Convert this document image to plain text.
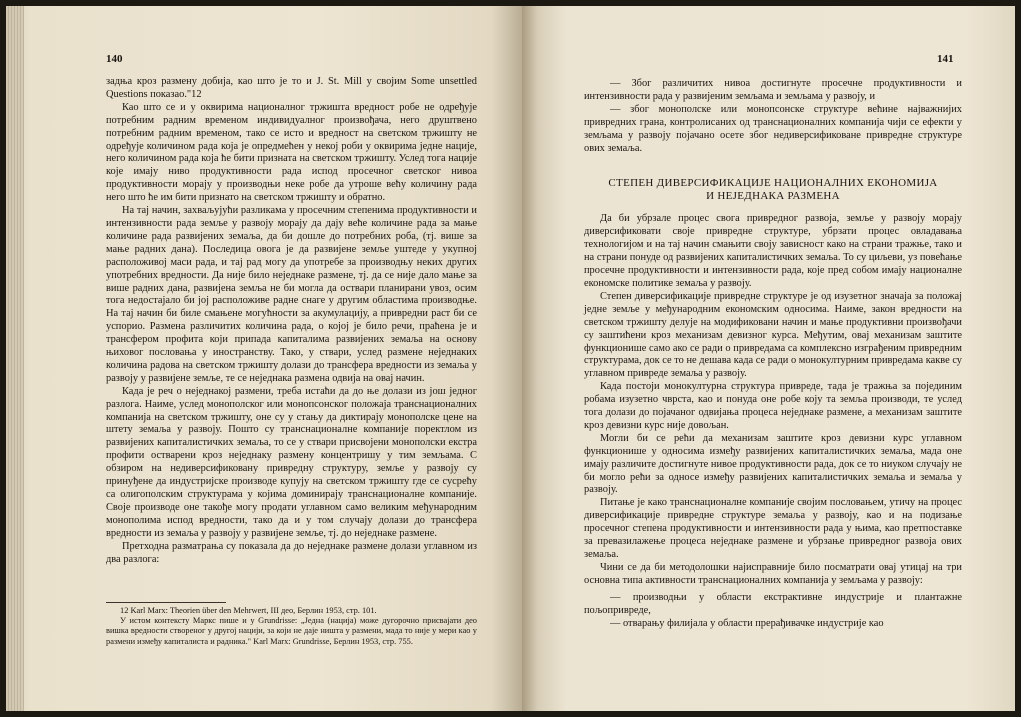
140

задња кроз размену добија, као што је то и J. St. Mill у својим Some unsettled Questions показао."12

Као што се и у оквирима националног тржишта вредност робе не одређује потребним радним временом индивидуалног произвођача, него друштвено потребним радним временом, тако се исто и вредност на светском тржишту не одређује количином рада која је опредмећен у некој роби у оквирима једне нације, него количином рада која ће бити призната на светском тржишту. Услед тога нације које имају ниво продуктивности рада испод просечног светског нивоа продуктивности морају у производњи неке робе да утроше већу количину рада него што ће им бити признато на светском тржишту и обратно.

На тај начин, захваљујући разликама у просечним степенима продуктивности и интензивности рада земље у развоју морају да дају веће количине рада за мање количине рада развијених земаља, да би дошле до потребних роба, (тј. више за мање радних дана). Последица овога је да развијене земље уштеде у укупној расположивој маси рада, и тај рад могу да употребе за производњу неких других употребних вредности. Да није било неједнаке размене, тј. да се није дало мање за више радних дана, развијена земља не би могла да оствари планирани увоз, осим тога недостајало би јој расположиве радне снаге у другим областима производње. На тај начин би биле смањене могућности за акумулацију, а привредни раст би се успорио. Размена различитих количина рада, о којој је било речи, праћена је и трансфером профита који припада капиталима развијених земаља на основу њиховог пословања у иностранству. Тако, у ствари, услед размене неједнаких количина радова на светском тржишту долази до трансфера вредности из земаља у развоју у развијене земље, те се неједнака размена одвија на овај начин.

Када је реч о неједнакој размени, треба истаћи да до ње долази из још једног разлога. Наиме, услед монополског или монопсонског положаја транснационалних компанија на светском тржишту, оне су у стању да диктирају монополске цене на штету земаља у развоју. Пошто су транснационалне компаније поректлом из развијених капиталистичких земаља, то се у ствари присвојени монополски екстра профити остварени кроз неједнаку размену концентришу у тим земљама. С обзиром на недиверсификовану привредну структуру, земље у развоју су принуђене да индустријске производе купују на светском тржишту где се сусрећу са олигополским структурама у којима доминирају транснационалне компаније. Своје производе оне такође могу продати углавном само великим међународним монополима испод вредности, тако да и у том случају долази до трансфера вредности из земаља у развоју у развијене земље, тј. до неједнаке размене.

Претходна разматрања су показала да до неједнаке размене долази углавном из два разлога:

12 Karl Marx: Theorien über den Mehrwert, III део, Берлин 1953, стр. 101.

У истом контексту Маркс пише и у Grundrisse: „Једна (нација) може дугорочно присвајати део вишка вредности створеног у другој нацији, за који не даје ништа у размени, мада то није у мери као у размени између капиталиста и радника." Karl Marx: Grundrisse, Берлин 1953, стр. 755.

141

— Због различитих нивоа достигнуте просечне продуктивности и интензивности рада у развијеним земљама и земљама у развоју, и

— због монополске или монопсонске структуре већине најважнијих привредних грана, контролисаних од транснационалних компанија чији се ефекти у земљама у развоју појачано осете због недиверсификоване привредне структуре ових земаља.

СТЕПЕН ДИВЕРСИФИКАЦИЈЕ НАЦИОНАЛНИХ ЕКОНОМИЈА
И НЕЈЕДНАКА РАЗМЕНА

Да би убрзале процес свога привредног развоја, земље у развоју морају диверсификовати своје привредне структуре, убрзати процес овладавања технологијом и на тај начин смањити своју зависност како на страни тражње, тако и на страни понуде од развијених капиталистичких земаља. То су циљеви, уз повећање просечне продуктивности и интензивности рада, које пред собом имају националне економске политике земаља у развоју.

Степен диверсификације привредне структуре је од изузетног значаја за положај једне земље у међународним економским односима. Наиме, закон вредности на светском тржишту делује на модификовани начин и мање продуктивни произвођачи су заштићени кроз механизам девизног курса. Међутим, овај механизам заштите функционише само ако се ради о привредама са комплексно изграђеним привредним структурама, док се то не дешава када се ради о монокултурним привредама какве су углавном привреде земаља у развоју.

Када постоји монокултурна структура привреде, тада је тражња за појединим робама изузетно чврста, као и понуда оне робе коју та земља производи, те услед тога долази до појачаног одвијања процеса неједнаке размене, а механизам заштите кроз девизни курс није довољан.

Могли би се рећи да механизам заштите кроз девизни курс углавном функционише у односима између развијених капиталистичких земаља, мада оне имају различите достигнуте нивое продуктивности рада, док се то ниуком случају не би могло рећи за односе између развијених капиталистичких земаља и земаља у развоју.

Питање је како транснационалне компаније својим пословањем, утичу на процес диверсификације привредне структуре земаља у развоју, као и на подизање просечног степена продуктивности и интензивности рада у њима, као претпоставке за превазилажење процеса неједнаке размене и убрзање привредног развоја ових земаља.

Чини се да би методолошки најисправније било посматрати овај утицај на три основна типа активности транснационалних компанија у земљама у развоју:

— производњи у области екстрактивне индустрије и плантажне пољопривреде,

— отварању филијала у области прерађивачке индустрије као
